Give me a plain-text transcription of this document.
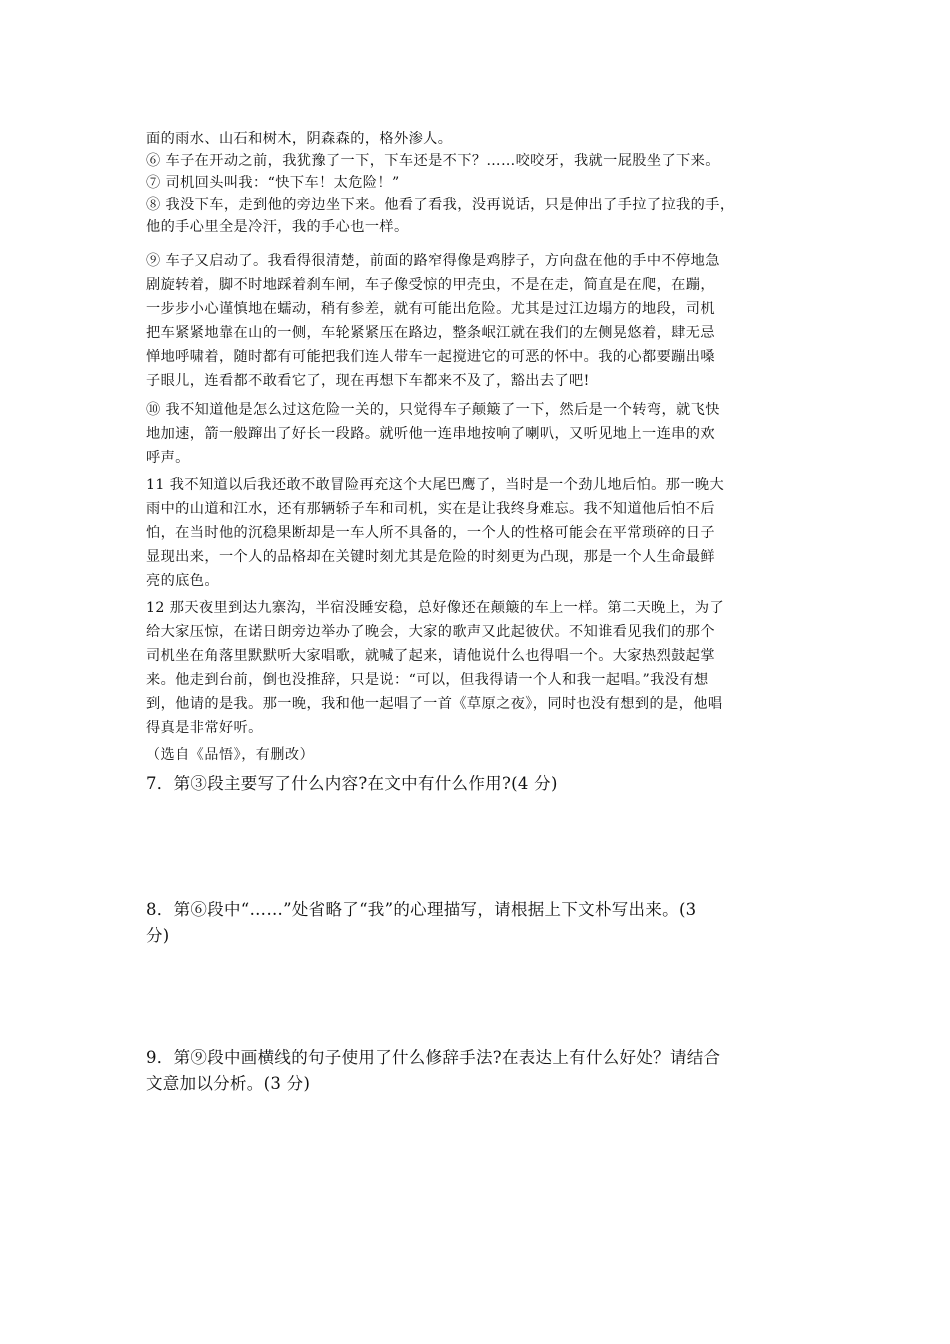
面的雨水、山石和树木，阴森森的，格外渗人。
⑥ 车子在开动之前，我犹豫了一下，下车还是不下？……咬咬牙，我就一屁股坐了下来。
⑦ 司机回头叫我：“快下车！太危险！”
⑧ 我没下车，走到他的旁边坐下来。他看了看我，没再说话，只是伸出了手拉了拉我的手，
他的手心里全是冷汗，我的手心也一样。
⑨ 车子又启动了。我看得很清楚，前面的路窄得像是鸡脖子，方向盘在他的手中不停地急
剧旋转着，脚不时地踩着刹车闸，车子像受惊的甲壳虫，不是在走，简直是在爬，在蹦，
一步步小心谨慎地在蠕动，稍有参差，就有可能出危险。尤其是过江边塌方的地段，司机
把车紧紧地靠在山的一侧，车轮紧紧压在路边，整条岷江就在我们的左侧晃悠着，肆无忌
惮地呼啸着，随时都有可能把我们连人带车一起搅进它的可恶的怀中。我的心都要蹦出嗓
子眼儿，连看都不敢看它了，现在再想下车都来不及了，豁出去了吧!
⑩ 我不知道他是怎么过这危险一关的，只觉得车子颠簸了一下，然后是一个转弯，就飞快
地加速，箭一般蹿出了好长一段路。就听他一连串地按响了喇叭，又听见地上一连串的欢
呼声。
11 我不知道以后我还敢不敢冒险再充这个大尾巴鹰了，当时是一个劲儿地后怕。那一晚大
雨中的山道和江水，还有那辆轿子车和司机，实在是让我终身难忘。我不知道他后怕不后
怕，在当时他的沉稳果断却是一车人所不具备的，一个人的性格可能会在平常琐碎的日子
显现出来，一个人的品格却在关键时刻尤其是危险的时刻更为凸现，那是一个人生命最鲜
亮的底色。
12 那天夜里到达九寨沟，半宿没睡安稳，总好像还在颠簸的车上一样。第二天晚上，为了
给大家压惊，在诺日朗旁边举办了晚会，大家的歌声又此起彼伏。不知谁看见我们的那个
司机坐在角落里默默听大家唱歌，就喊了起来，请他说什么也得唱一个。大家热烈鼓起掌
来。他走到台前，倒也没推辞，只是说：“可以，但我得请一个人和我一起唱。”我没有想
到，他请的是我。那一晚，我和他一起唱了一首《草原之夜》，同时也没有想到的是，他唱
得真是非常好听。
（选自《品悟》，有删改）
7．第③段主要写了什么内容?在文中有什么作用?(4 分)
8．第⑥段中“……”处省略了“我”的心理描写，请根据上下文朴写出来。(3
分)
9．第⑨段中画横线的句子使用了什么修辞手法?在表达上有什么好处？请结合
文意加以分析。(3 分)
